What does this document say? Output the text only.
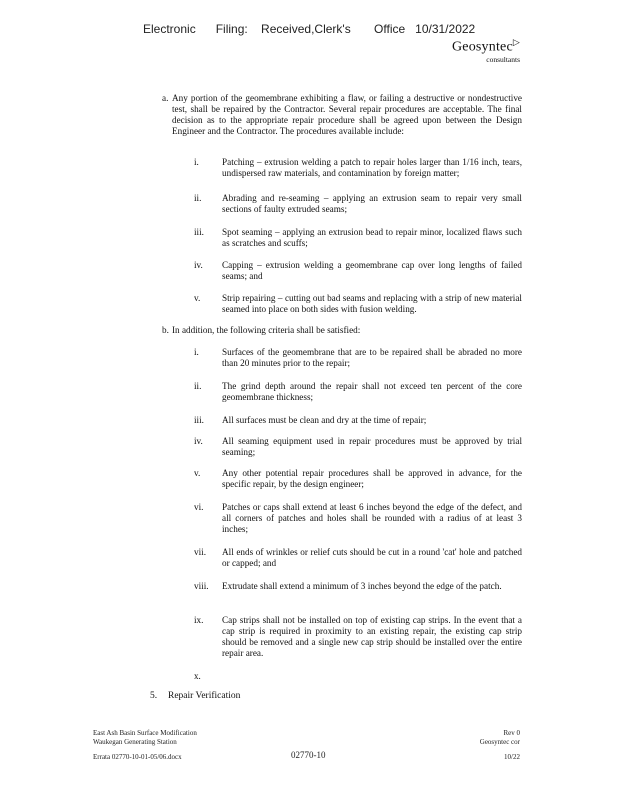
Electronic      Filing:    Received,Clerk's       Office   10/31/2022
Geosyntec▷
consultants
a. Any portion of the geomembrane exhibiting a flaw, or failing a destructive or nondestructive test, shall be repaired by the Contractor. Several repair procedures are acceptable. The final decision as to the appropriate repair procedure shall be agreed upon between the Design Engineer and the Contractor. The procedures available include:
i.	Patching – extrusion welding a patch to repair holes larger than 1/16 inch, tears, undispersed raw materials, and contamination by foreign matter;
ii.	Abrading and re-seaming – applying an extrusion seam to repair very small sections of faulty extruded seams;
iii.	Spot seaming – applying an extrusion bead to repair minor, localized flaws such as scratches and scuffs;
iv.	Capping – extrusion welding a geomembrane cap over long lengths of failed seams; and
v.	Strip repairing – cutting out bad seams and replacing with a strip of new material seamed into place on both sides with fusion welding.
b. In addition, the following criteria shall be satisfied:
i.	Surfaces of the geomembrane that are to be repaired shall be abraded no more than 20 minutes prior to the repair;
ii.	The grind depth around the repair shall not exceed ten percent of the core geomembrane thickness;
iii.	All surfaces must be clean and dry at the time of repair;
iv.	All seaming equipment used in repair procedures must be approved by trial seaming;
v.	Any other potential repair procedures shall be approved in advance, for the specific repair, by the design engineer;
vi.	Patches or caps shall extend at least 6 inches beyond the edge of the defect, and all corners of patches and holes shall be rounded with a radius of at least 3 inches;
vii.	All ends of wrinkles or relief cuts should be cut in a round 'cat' hole and patched or capped; and
viii.	Extrudate shall extend a minimum of 3 inches beyond the edge of the patch.
ix.	Cap strips shall not be installed on top of existing cap strips. In the event that a cap strip is required in proximity to an existing repair, the existing cap strip should be removed and a single new cap strip should be installed over the entire repair area.
x.
5. Repair Verification
East Ash Basin Surface Modification
Waukegan Generating Station
Rev 0
Geosyntec cor
Errata 02770-10-01-05/06.docx	02770-10	10/22
